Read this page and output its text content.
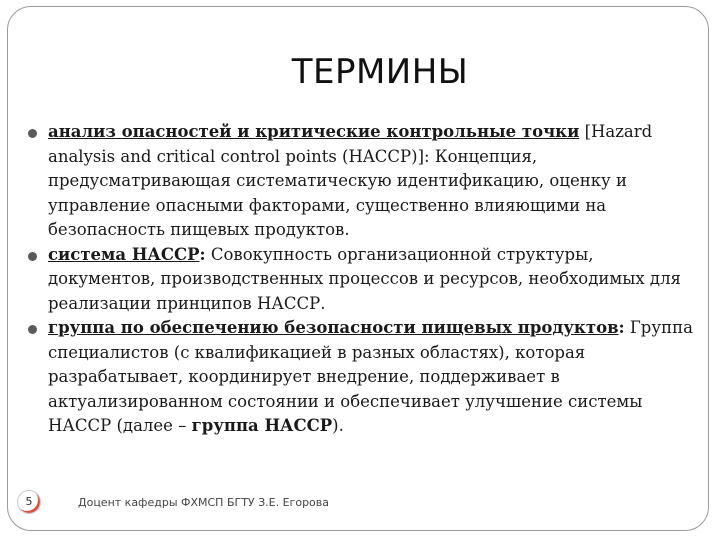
ТЕРМИНЫ

анализ опасностей и критические контрольные точки [Hazard analysis and critical control points (HACCP)]: Концепция, предусматривающая систематическую идентификацию, оценку и управление опасными факторами, существенно влияющими на безопасность пищевых продуктов.

система НАССР: Совокупность организационной структуры, документов, производственных процессов и ресурсов, необходимых для реализации принципов НАССР.

группа по обеспечению безопасности пищевых продуктов: Группа специалистов (с квалификацией в разных областях), которая разрабатывает, координирует внедрение, поддерживает в актуализированном состоянии и обеспечивает улучшение системы НАССР (далее – группа НАССР).

5	Доцент кафедры ФХМСП БГТУ З.Е. Егорова
